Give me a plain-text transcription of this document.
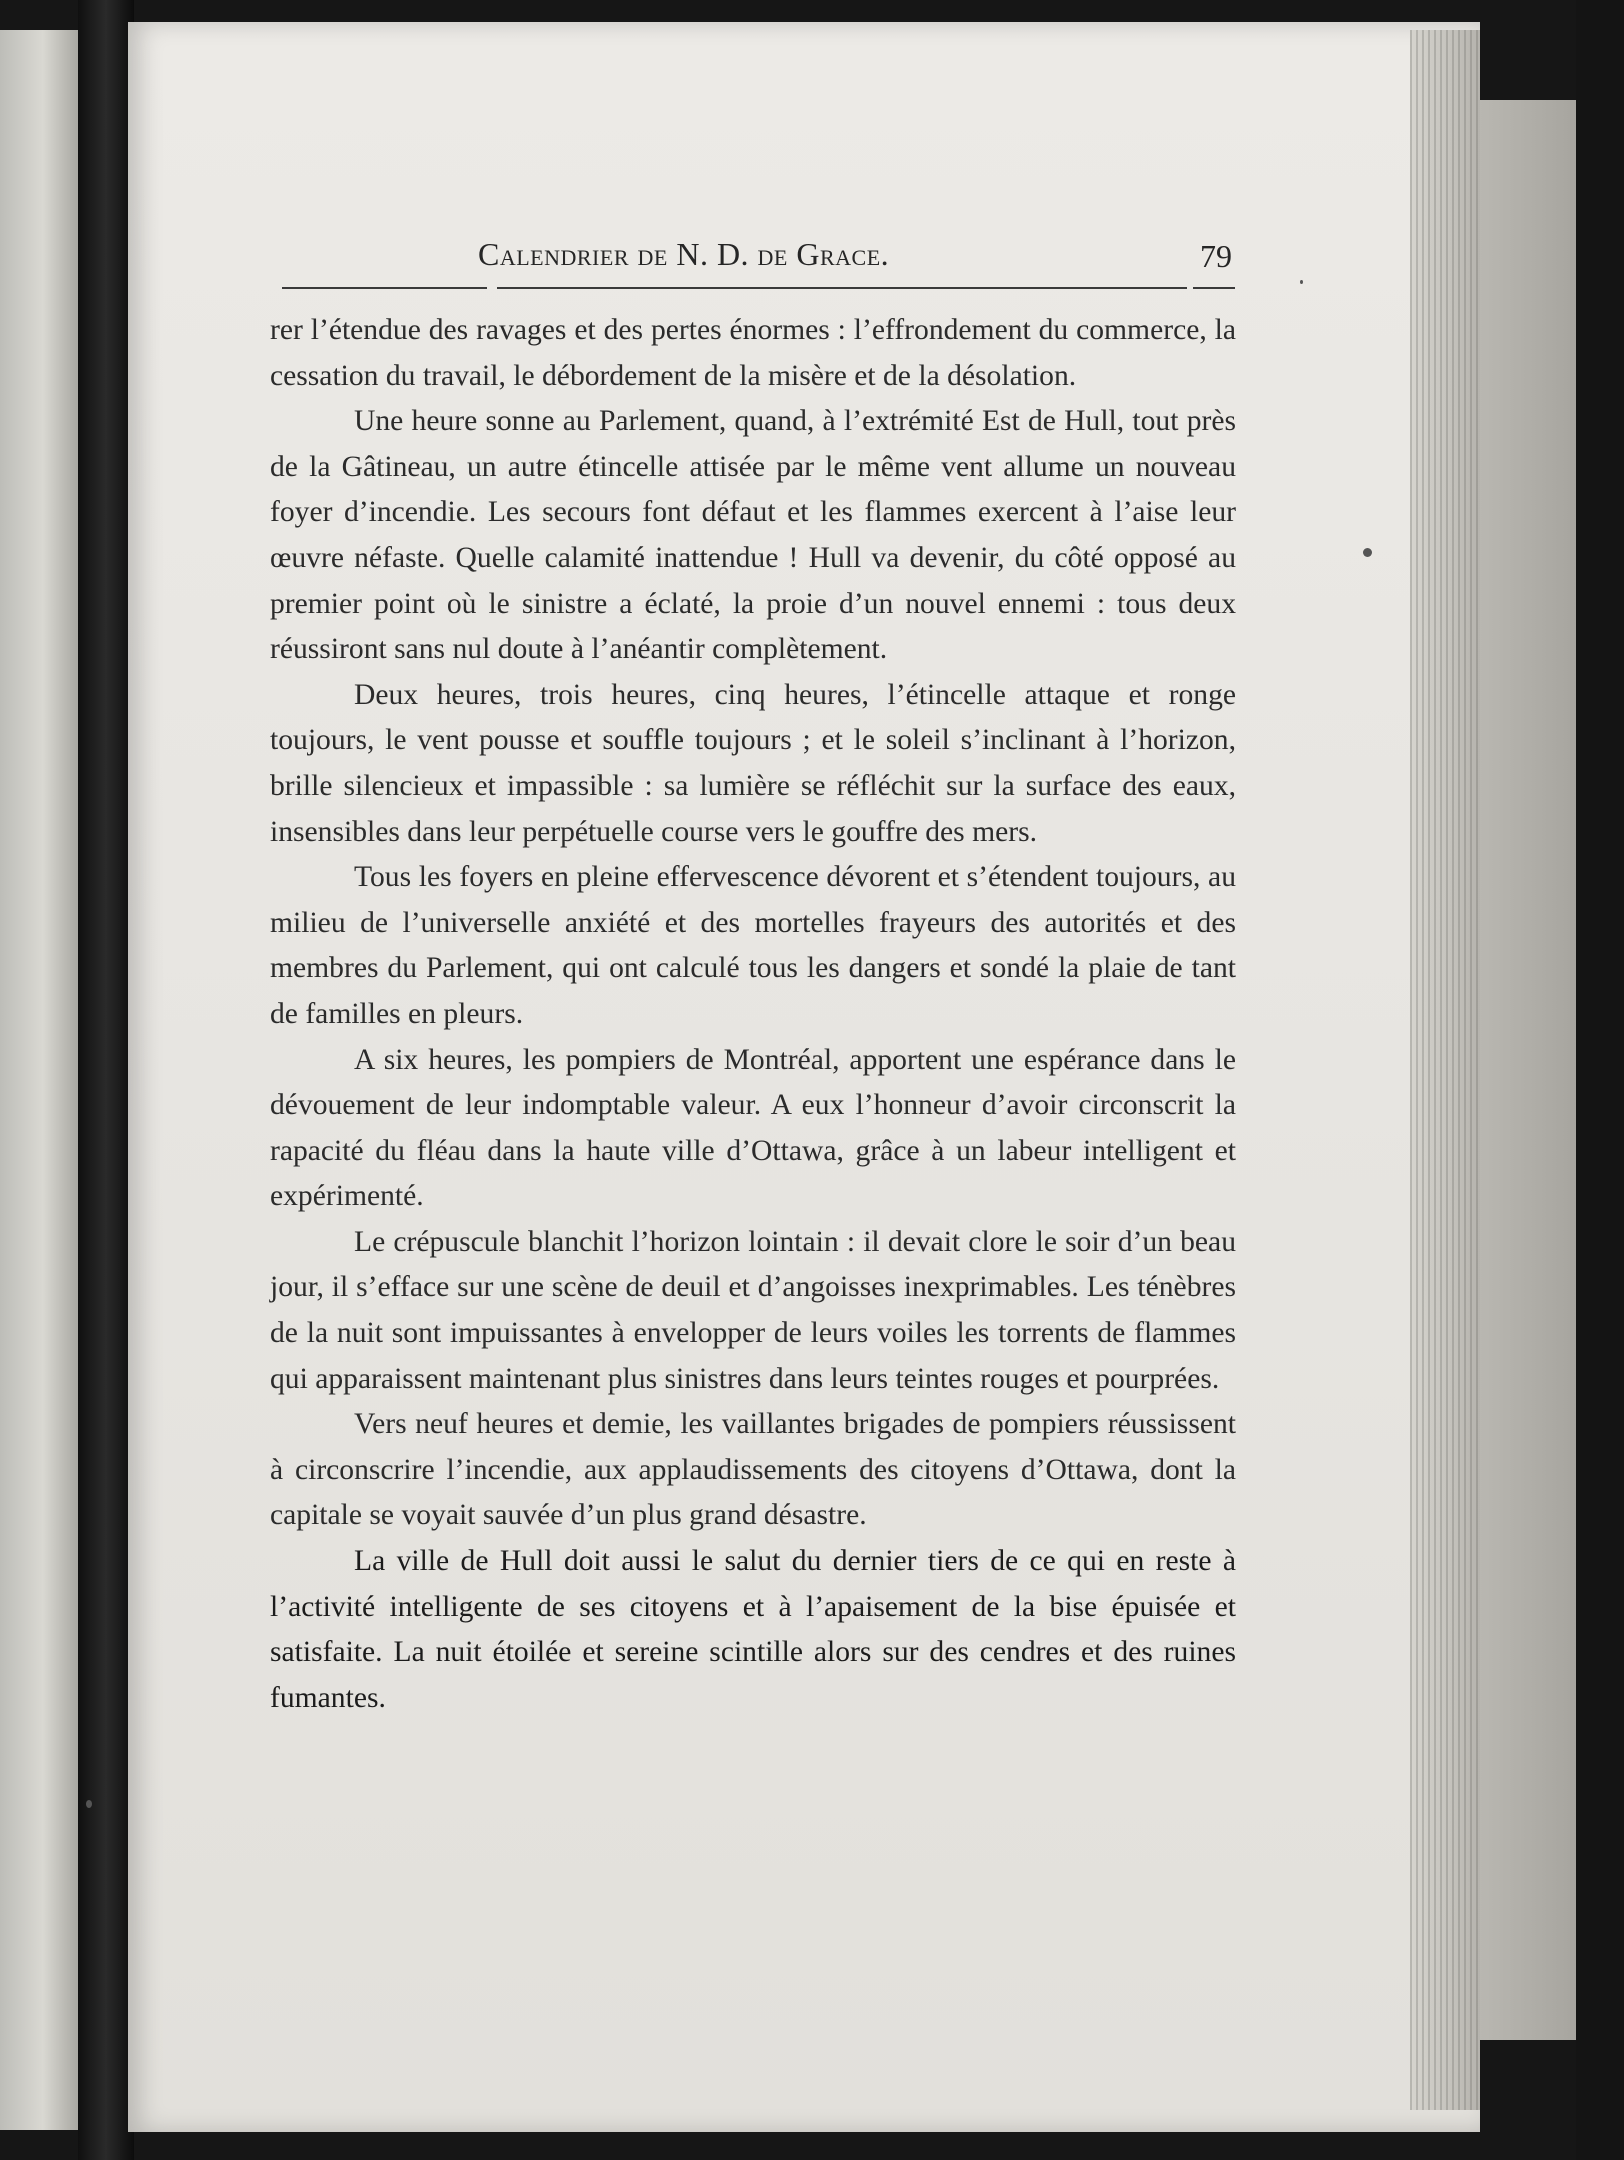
Calendrier de N. D. de Grace.	79

rer l’étendue des ravages et des pertes énormes : l’effrondement du commerce, la cessation du travail, le débordement de la misère et de la désolation.

Une heure sonne au Parlement, quand, à l’extrémité Est de Hull, tout près de la Gâtineau, un autre étincelle attisée par le même vent allume un nouveau foyer d’incendie. Les secours font défaut et les flammes exercent à l’aise leur œuvre néfaste. Quelle calamité inattendue ! Hull va devenir, du côté opposé au premier point où le sinistre a éclaté, la proie d’un nouvel ennemi : tous deux réussiront sans nul doute à l’anéantir complètement.

Deux heures, trois heures, cinq heures, l’étincelle attaque et ronge toujours, le vent pousse et souffle toujours ; et le soleil s’inclinant à l’horizon, brille silencieux et impassible : sa lumière se réfléchit sur la surface des eaux, insensibles dans leur perpétuelle course vers le gouffre des mers.

Tous les foyers en pleine effervescence dévorent et s’étendent toujours, au milieu de l’universelle anxiété et des mortelles frayeurs des autorités et des membres du Parlement, qui ont calculé tous les dangers et sondé la plaie de tant de familles en pleurs.

A six heures, les pompiers de Montréal, apportent une espérance dans le dévouement de leur indomptable valeur. A eux l’honneur d’avoir circonscrit la rapacité du fléau dans la haute ville d’Ottawa, grâce à un labeur intelligent et expérimenté.

Le crépuscule blanchit l’horizon lointain : il devait clore le soir d’un beau jour, il s’efface sur une scène de deuil et d’angoisses inexprimables. Les ténèbres de la nuit sont impuissantes à envelopper de leurs voiles les torrents de flammes qui apparaissent maintenant plus sinistres dans leurs teintes rouges et pourprées.

Vers neuf heures et demie, les vaillantes brigades de pompiers réussissent à circonscrire l’incendie, aux applaudissements des citoyens d’Ottawa, dont la capitale se voyait sauvée d’un plus grand désastre.

La ville de Hull doit aussi le salut du dernier tiers de ce qui en reste à l’activité intelligente de ses citoyens et à l’apaisement de la bise épuisée et satisfaite. La nuit étoilée et sereine scintille alors sur des cendres et des ruines fumantes.
